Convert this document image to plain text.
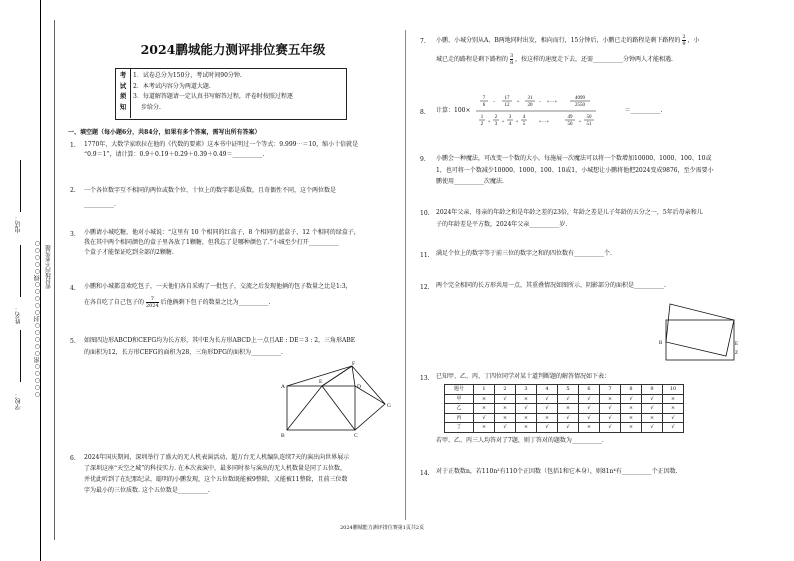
学校：
姓名：
电话：
○○○○○密○○○○○封○○○○○线○○○○○ 密封线内不要答题
2024鹏城能力测评排位赛五年级
考
试
须
知
1．试卷总分为150分，考试时间90分钟.
2．本考试内容分为两道大题.
3．每道解答题请一定认真书写解答过程，评卷时按照过程逐
步给分.
一、填空题（每小题6分，共84分，如果有多个答案，需写出所有答案）
1. 1770年，大数学家欧拉在他的《代数的要素》这本书中证明过一个等式：9.999⋯＝10，缩小十倍就是
“0.9̇＝1”，请计算：0.9̇＋0.1̇9̇＋0.2̇9̇＋0.3̇9̇＋0.4̇9̇＝__________.
2. 一个各位数字互不相同的两位或数个位、十位上的数字都是质数，且奇偶性不同，这个两位数是
__________.
3. 小鹏请小城吃糖，他对小城说：“这里有 10 个相同的红盒子，8 个相同的蓝盒子，12 个相同的绿盒子，
我在其中两个相同颜色的盒子里各放了1颗糖，但我忘了是哪种颜色了.”小城至少打开__________
个盒子才能保证吃到全部的2颗糖.
4. 小鹏和小城都喜欢吃包子，一天他们各自采购了一批包子，交流之后发现他俩的包子数量之比是1:3，
在各自吃了自己包子的 $\frac{7}{2024}$ 后他俩剩下包子的数量之比为__________.
5. 如图四边形ABCD和CEFG均为长方形，其中E为长方形ABCD上一点且AE : DE＝3 : 2，三角形ABE
的面积为12，长方形CEFG的面积为28，三角形DFG的面积为__________.
A
B	C
D
E
F
G
6. 2024年国庆期间，深圳举行了盛大的无人机表演活动，超万台无人机编队连续7天的演出向世界展示
了深圳这座“天空之城”的科技实力. 在本次表演中，最多同时参与演出的无人机数量是同了五位数，
并优此听到了在纪那纪录，聪明的小鹏发现，这个五位数既能被9整除，又能被11整除，且前三位数
字为最小的三位质数. 这个五位数是__________.
7. 小鹏、小城分别从A、B两地同时出发，相向而行，15分钟后，小鹏已走的路程是剩下路程的 $\frac{2}{9}$ ，小
城已走的路程是剩下路程的 $\frac{3}{8}$ ，按这样的速度走下去，还需__________分钟两人才能相遇.
8. 计算：100×
7
6
17
12
31
20
+⋯+
4099
2550
−	+	−
1
2 +
2
3 +
3
4 +
4
5	+⋯+
49
50 +
50
51
＝__________.
9. 小鹏会一种魔法，可改变一个数的大小，每施展一次魔法可以将一个数增加10000、1000、100、10或
1，也可将一个数减少10000、1000、100、10或1，小城想让小鹏将他把2024变成9876，至少需要小
鹏使用__________次魔法.
10. 2024年父亲、母亲的年龄之和是年龄之差的23倍，年龄之差是儿子年龄的五分之一，5年后母亲和儿
子的年龄差是平方数，2024年父亲__________岁.
11. 满足个位上的数字等于前三位的数字之和的四位数有__________个.
12. 两个完全相同的长方形共用一点，其重叠情况如图所示，阴影部分的面积是__________.
B	E
Z
13. 已知甲、乙、丙、丁四位同学对某十道判断题的解答情况如下表：
题号	1	2	3	4	5	6	7	8	9	10
甲	×	√	×	√	√	√	×	√	√	×
乙	×	×	√	√	×	√	√	×	√	×
丙	√	×	×	×	√	√	√	×	×	√
丁	×	√	×	√	√	×	√	×	√	√
若甲、乙、丙三人均答对了7题，则丁答对的题数为__________.
14. 对于正数数n，若110n²有110个正因数（包括1和它本身），则81n⁴有__________个正因数.
2024鹏城能力测评排位赛第1页共2页
